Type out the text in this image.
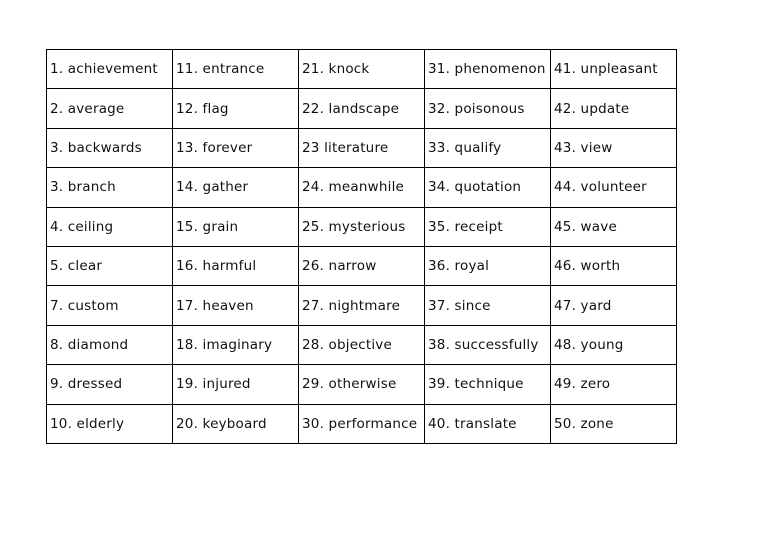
1. achievement	11. entrance	21. knock	31. phenomenon	41. unpleasant
2. average	12. flag	22. landscape	32. poisonous	42. update
3. backwards	13. forever	23 literature	33. qualify	43. view
3. branch	14. gather	24. meanwhile	34. quotation	44. volunteer
4. ceiling	15. grain	25. mysterious	35. receipt	45. wave
5. clear	16. harmful	26. narrow	36. royal	46. worth
7. custom	17. heaven	27. nightmare	37. since	47. yard
8. diamond	18. imaginary	28. objective	38. successfully	48. young
9. dressed	19. injured	29. otherwise	39. technique	49. zero
10. elderly	20. keyboard	30. performance	40. translate	50. zone
